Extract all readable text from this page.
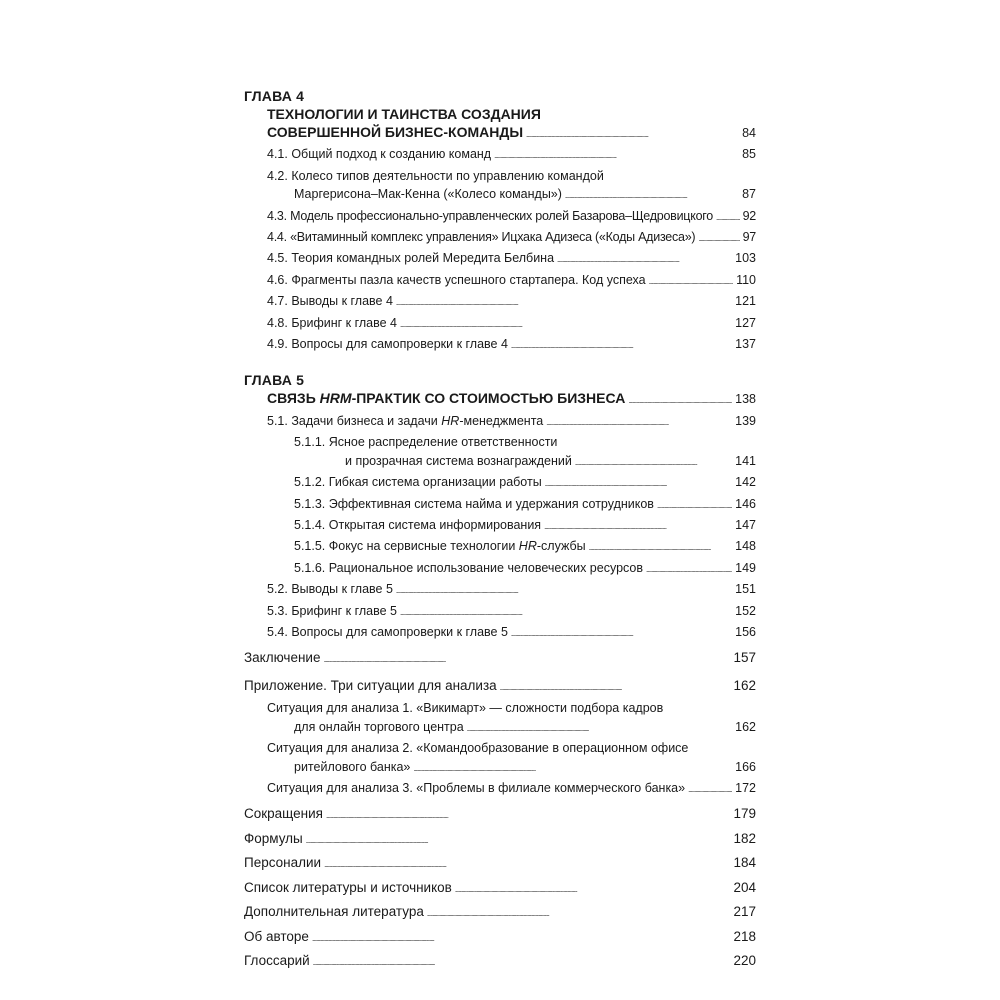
ГЛАВА 4
ТЕХНОЛОГИИ И ТАИНСТВА СОЗДАНИЯ
СОВЕРШЕННОЙ БИЗНЕС-КОМАНДЫ . . .	84
4.1. Общий подход к созданию команд . . .	85
4.2. Колесо типов деятельности по управлению командой
Маргерисона–Мак-Кенна («Колесо команды») . . .	87
4.3. Модель профессионально-управленческих ролей Базарова–Щедровицкого . . . 92
4.4. «Витаминный комплекс управления» Ицхака Адизеса («Коды Адизеса») . . .	97
4.5. Теория командных ролей Мередита Белбина . . .	103
4.6. Фрагменты пазла качеств успешного стартапера. Код успеха . . .	110
4.7. Выводы к главе 4 . . .	121
4.8. Брифинг к главе 4 . . .	127
4.9. Вопросы для самопроверки к главе 4 . . .	137
ГЛАВА 5
СВЯЗЬ HRM-ПРАКТИК СО СТОИМОСТЬЮ БИЗНЕСА . . .	138
5.1. Задачи бизнеса и задачи HR-менеджмента . . .	139
5.1.1. Ясное распределение ответственности
и прозрачная система вознаграждений . . .	141
5.1.2. Гибкая система организации работы . . .	142
5.1.3. Эффективная система найма и удержания сотрудников . . .	146
5.1.4. Открытая система информирования . . .	147
5.1.5. Фокус на сервисные технологии HR-службы . . .	148
5.1.6. Рациональное использование человеческих ресурсов . . .	149
5.2. Выводы к главе 5 . . .	151
5.3. Брифинг к главе 5 . . .	152
5.4. Вопросы для самопроверки к главе 5 . . .	156
Заключение . . .	157
Приложение. Три ситуации для анализа . . .	162
Ситуация для анализа 1. «Викимарт» — сложности подбора кадров
для онлайн торгового центра . . .	162
Ситуация для анализа 2. «Командообразование в операционном офисе
ритейлового банка» . . .	166
Ситуация для анализа 3. «Проблемы в филиале коммерческого банка» . . .	172
Сокращения . . .	179
Формулы . . .	182
Персоналии . . .	184
Список литературы и источников . . .	204
Дополнительная литература . . .	217
Об авторе . . .	218
Глоссарий . . .	220
